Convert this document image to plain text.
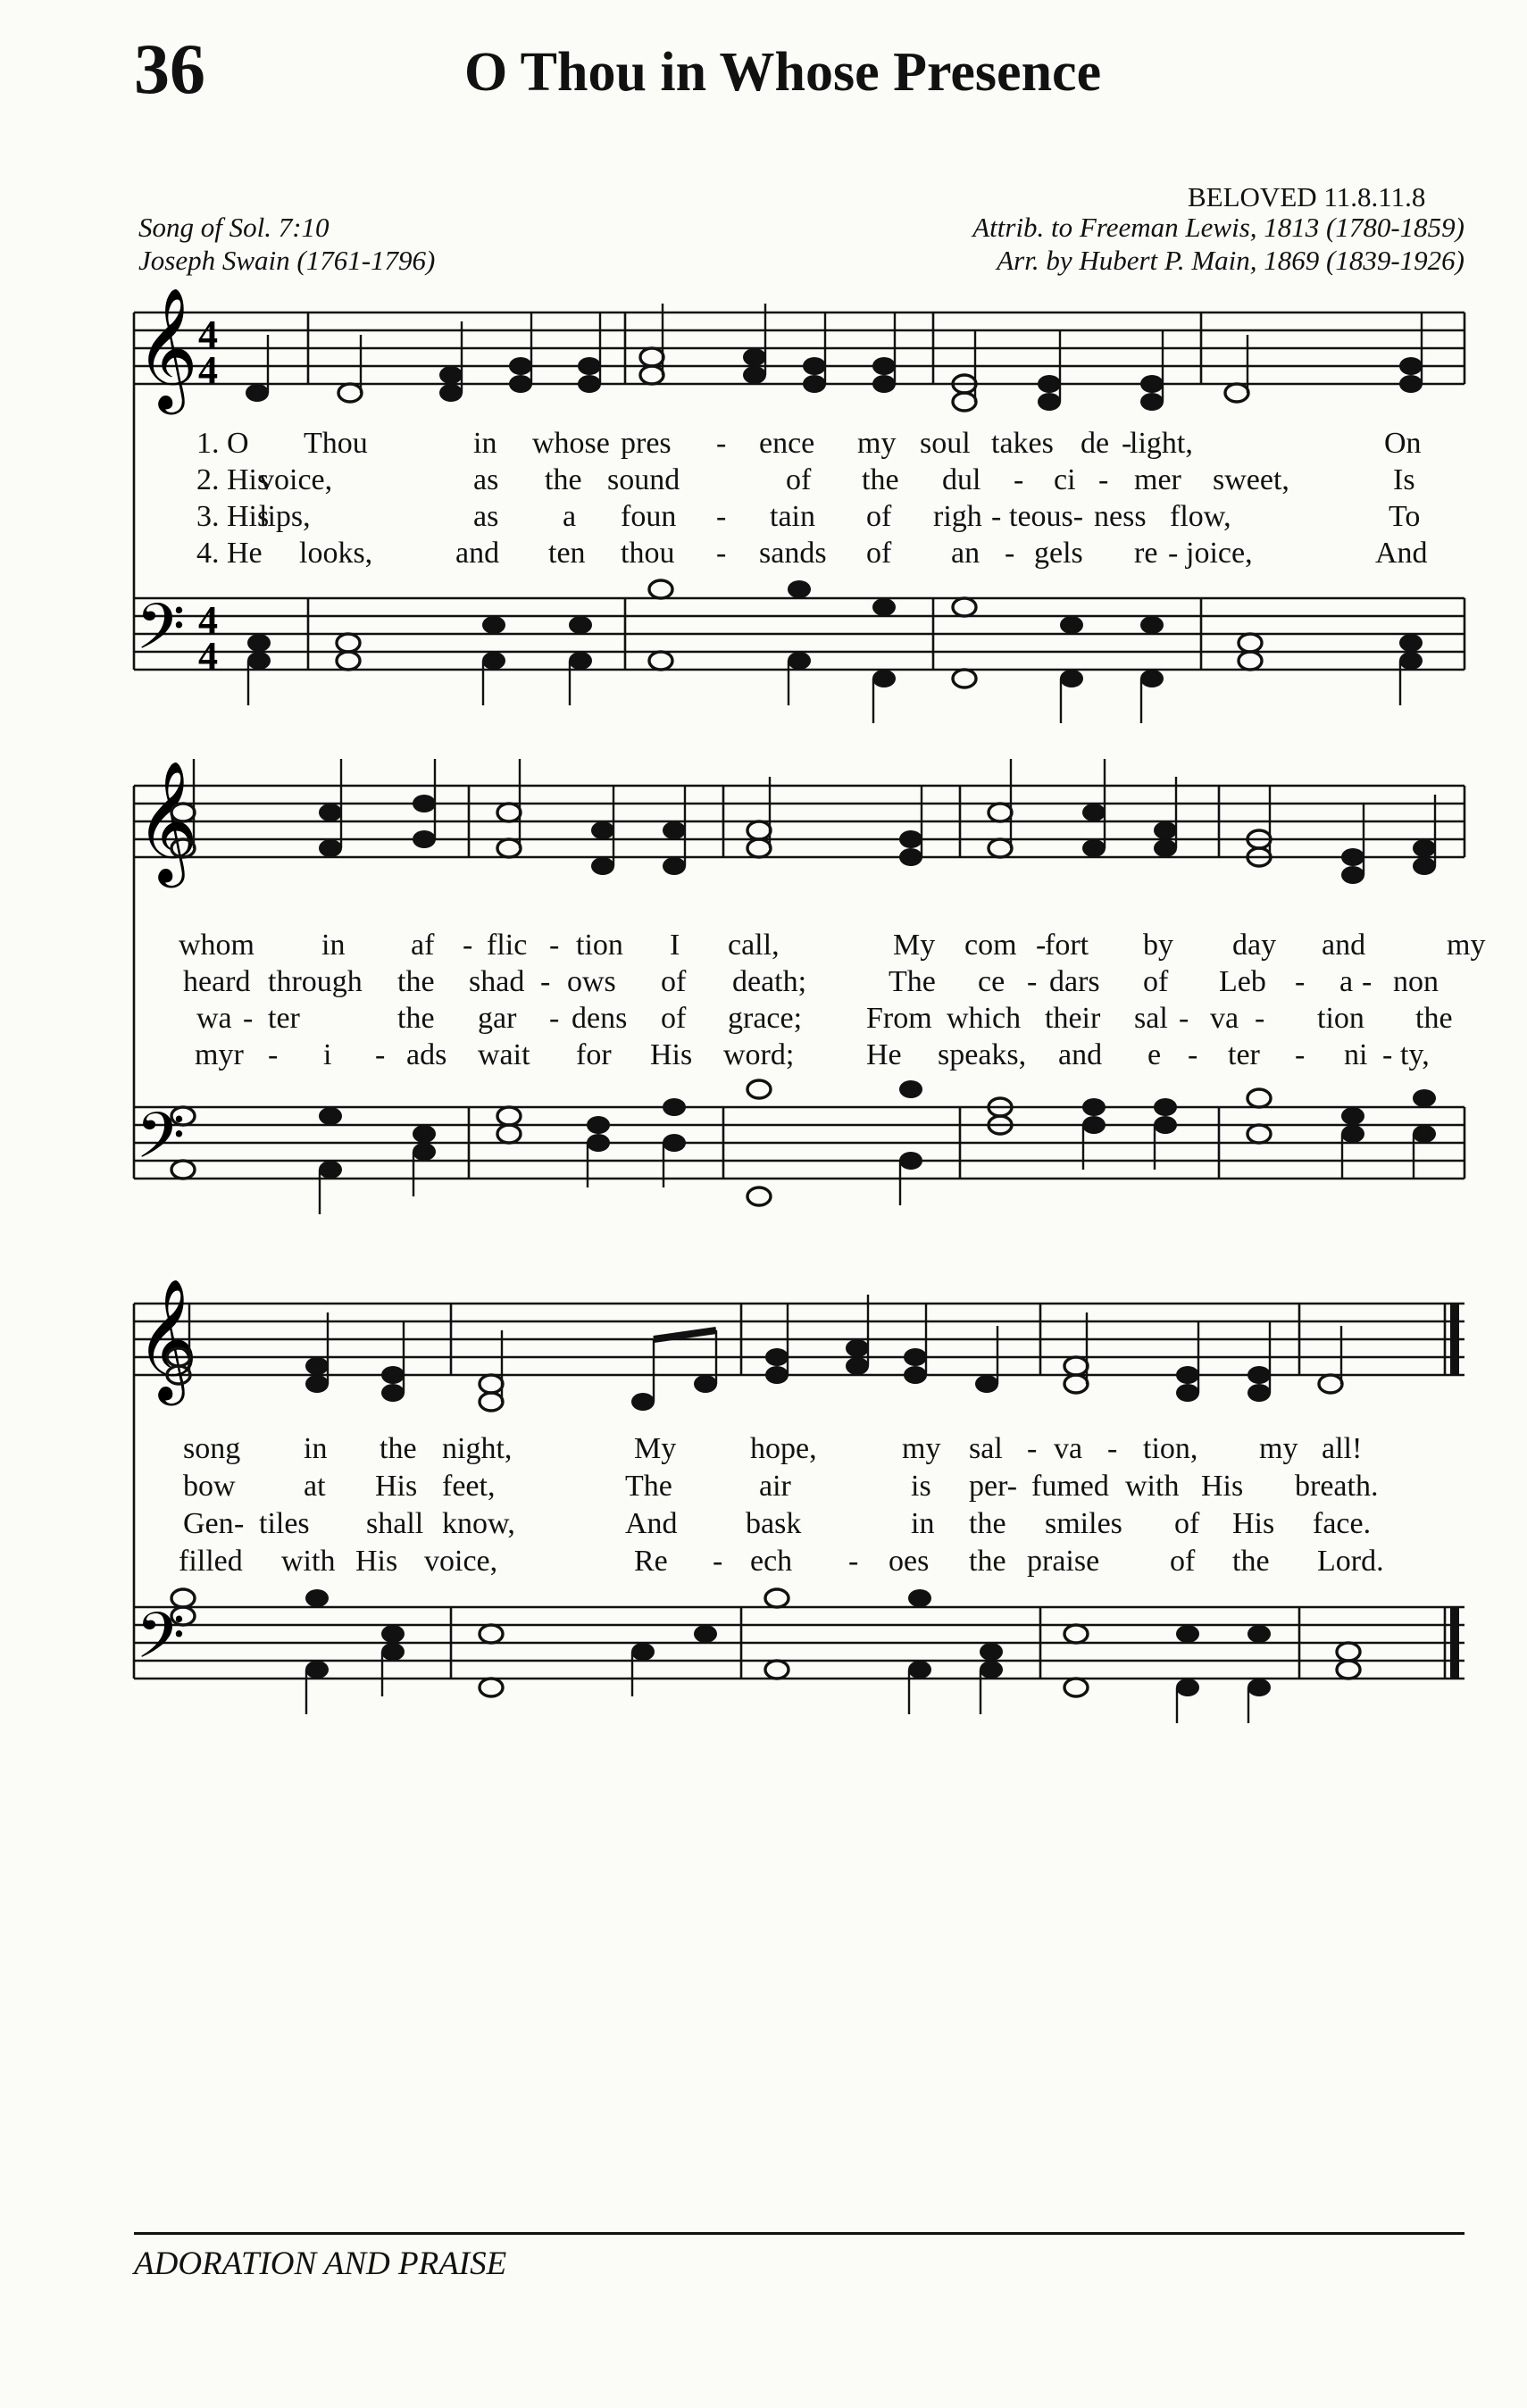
36	O Thou in Whose Presence
BELOVED 11.8.11.8
Song of Sol. 7:10
Joseph Swain (1761-1796)
Attrib. to Freeman Lewis, 1813 (1780-1859)
Arr. by Hubert P. Main, 1869 (1839-1926)
𝄞
𝄢
4
4
4
4
1. O Thou	in whose pres - ence my soul takes de -
light,	On
2. His
voice,	as the sound	of the dul - ci - mer sweet,	Is
3. His
lips,	as a foun - tain of righ - teous- ness flow,	To
4. He looks,	and ten thou - sands of an - gels re - joice,	And
𝄞
𝄢
whom in af - flic - tion I call,	My com -
fort by day and	my
heard through the shad - ows of death;	The ce - dars of Leb - a - non
wa - ter	the gar - dens of grace; From which their sal - va - tion the
myr - i - ads wait for His word; He speaks, and e - ter - ni - ty,
𝄞
𝄢
song in the night,	My hope,	my sal - va - tion, my all!
bow at His feet,	The	air	is per- fumed with His breath.
Gen - tiles shall know,	And bask	in the smiles of His face.
filled with His voice,	Re - ech - oes the praise of the Lord.
ADORATION AND PRAISE
